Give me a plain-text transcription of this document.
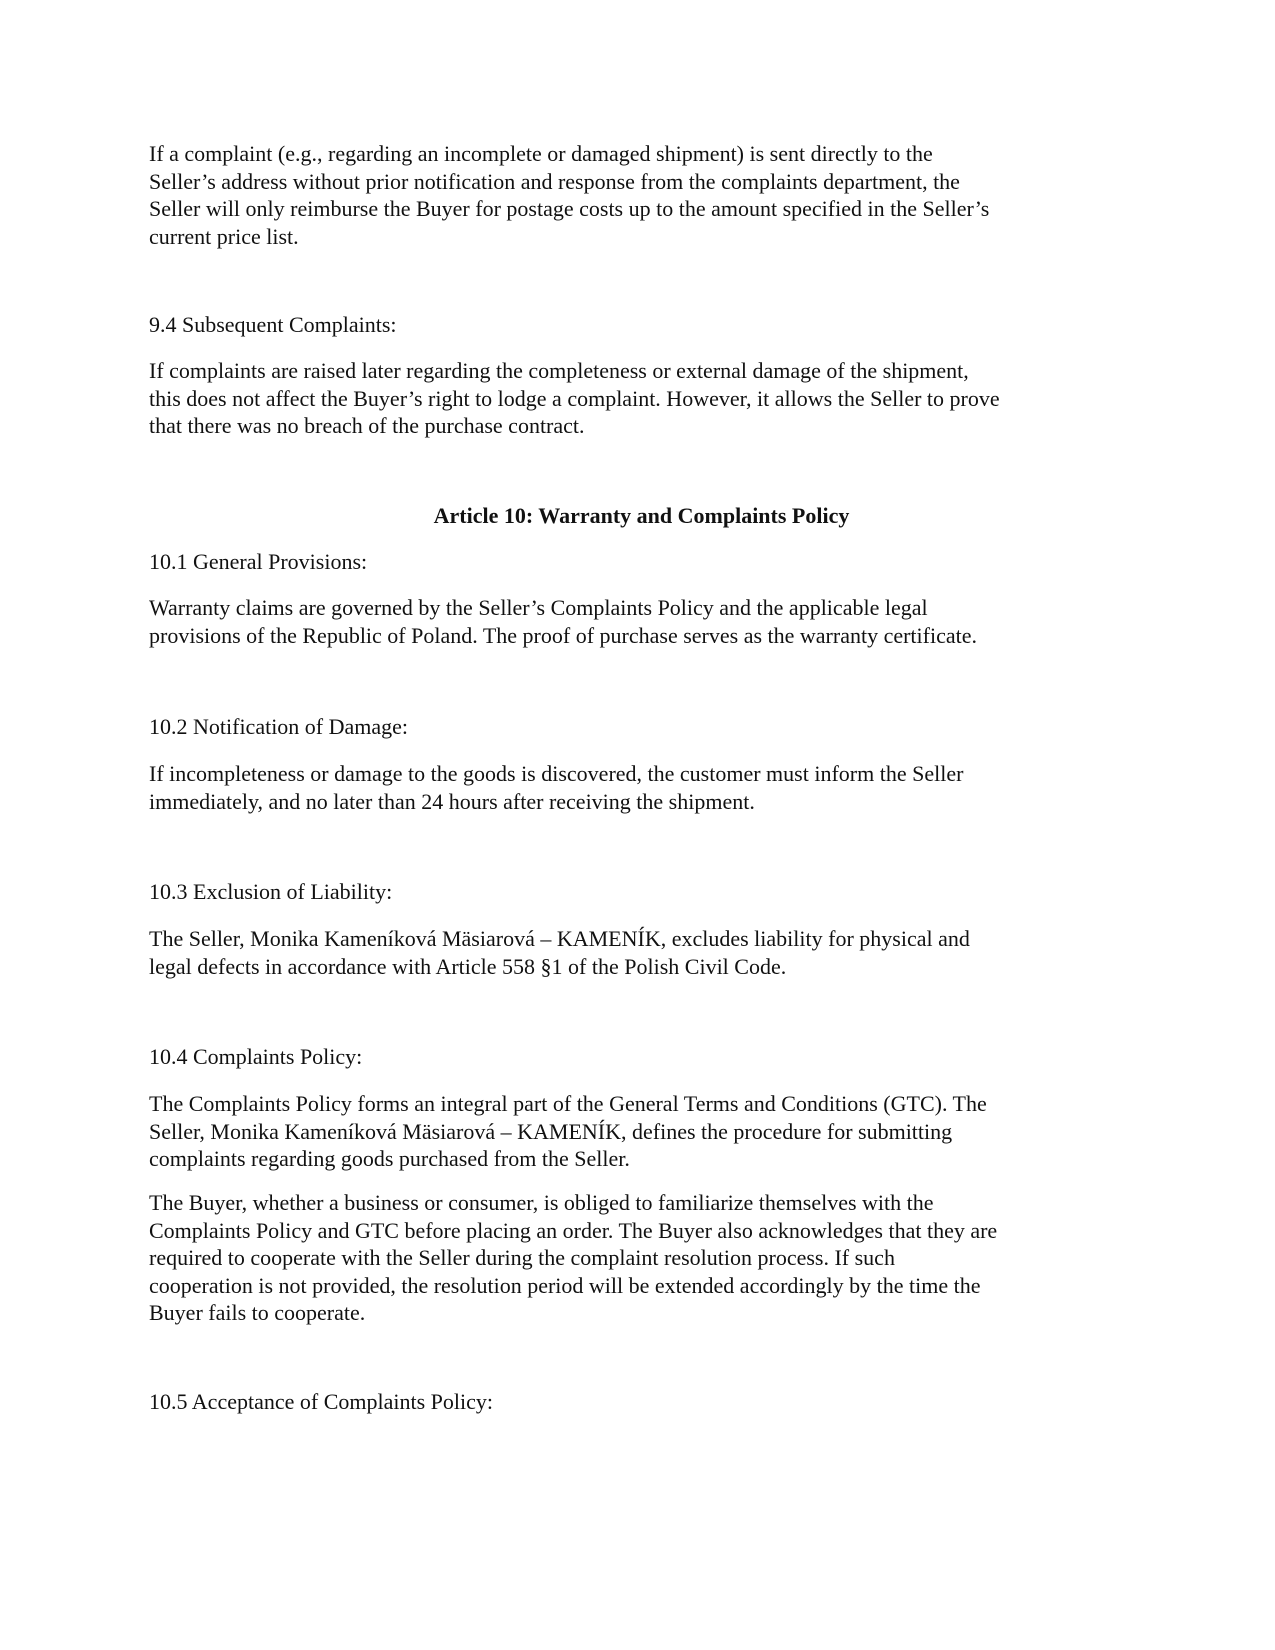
If a complaint (e.g., regarding an incomplete or damaged shipment) is sent directly to the
Seller’s address without prior notification and response from the complaints department, the
Seller will only reimburse the Buyer for postage costs up to the amount specified in the Seller’s
current price list.

9.4 Subsequent Complaints:

If complaints are raised later regarding the completeness or external damage of the shipment,
this does not affect the Buyer’s right to lodge a complaint. However, it allows the Seller to prove
that there was no breach of the purchase contract.

Article 10: Warranty and Complaints Policy

10.1 General Provisions:

Warranty claims are governed by the Seller’s Complaints Policy and the applicable legal
provisions of the Republic of Poland. The proof of purchase serves as the warranty certificate.

10.2 Notification of Damage:

If incompleteness or damage to the goods is discovered, the customer must inform the Seller
immediately, and no later than 24 hours after receiving the shipment.

10.3 Exclusion of Liability:

The Seller, Monika Kameníková Mäsiarová – KAMENÍK, excludes liability for physical and
legal defects in accordance with Article 558 §1 of the Polish Civil Code.

10.4 Complaints Policy:

The Complaints Policy forms an integral part of the General Terms and Conditions (GTC). The
Seller, Monika Kameníková Mäsiarová – KAMENÍK, defines the procedure for submitting
complaints regarding goods purchased from the Seller.

The Buyer, whether a business or consumer, is obliged to familiarize themselves with the
Complaints Policy and GTC before placing an order. The Buyer also acknowledges that they are
required to cooperate with the Seller during the complaint resolution process. If such
cooperation is not provided, the resolution period will be extended accordingly by the time the
Buyer fails to cooperate.

10.5 Acceptance of Complaints Policy:
